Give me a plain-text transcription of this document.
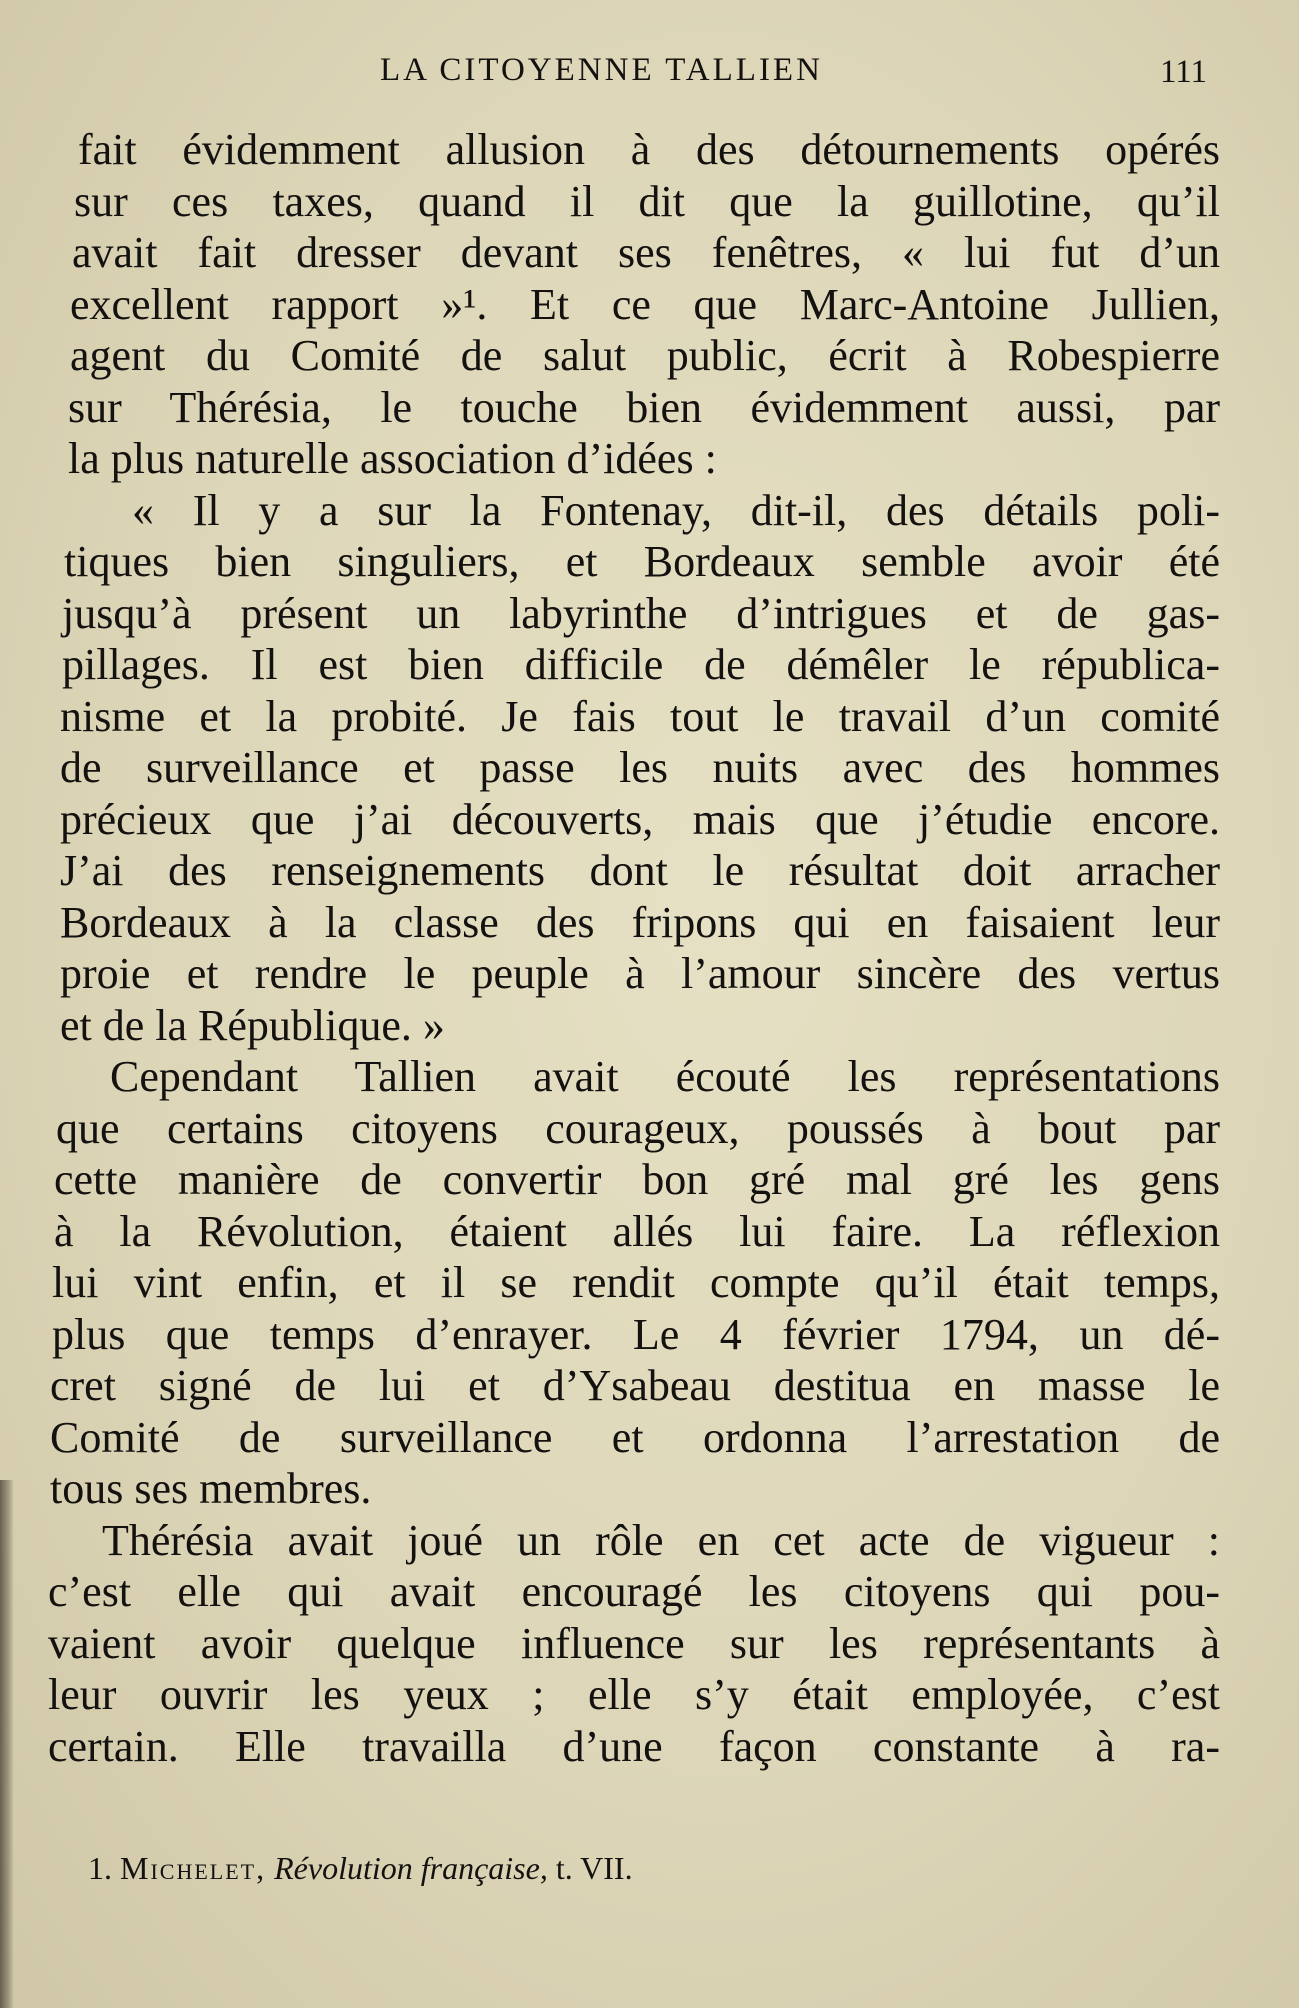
LA CITOYENNE TALLIEN	111
fait évidemment allusion à des détournements opérés
sur ces taxes, quand il dit que la guillotine, qu’il
avait fait dresser devant ses fenêtres, « lui fut d’un
excellent rapport »¹. Et ce que Marc-Antoine Jullien,
agent du Comité de salut public, écrit à Robespierre
sur Thérésia, le touche bien évidemment aussi, par
la plus naturelle association d’idées :
« Il y a sur la Fontenay, dit-il, des détails poli-
tiques bien singuliers, et Bordeaux semble avoir été
jusqu’à présent un labyrinthe d’intrigues et de gas-
pillages. Il est bien difficile de démêler le républica-
nisme et la probité. Je fais tout le travail d’un comité
de surveillance et passe les nuits avec des hommes
précieux que j’ai découverts, mais que j’étudie encore.
J’ai des renseignements dont le résultat doit arracher
Bordeaux à la classe des fripons qui en faisaient leur
proie et rendre le peuple à l’amour sincère des vertus
et de la République. »
Cependant Tallien avait écouté les représentations
que certains citoyens courageux, poussés à bout par
cette manière de convertir bon gré mal gré les gens
à la Révolution, étaient allés lui faire. La réflexion
lui vint enfin, et il se rendit compte qu’il était temps,
plus que temps d’enrayer. Le 4 février 1794, un dé-
cret signé de lui et d’Ysabeau destitua en masse le
Comité de surveillance et ordonna l’arrestation de
tous ses membres.
Thérésia avait joué un rôle en cet acte de vigueur :
c’est elle qui avait encouragé les citoyens qui pou-
vaient avoir quelque influence sur les représentants à
leur ouvrir les yeux ; elle s’y était employée, c’est
certain. Elle travailla d’une façon constante à ra-
1. Michelet, Révolution française, t. VII.
